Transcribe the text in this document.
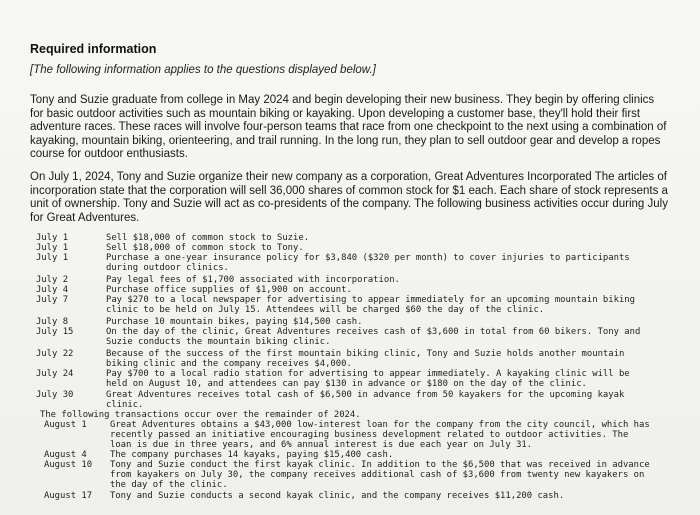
Required information
[The following information applies to the questions displayed below.]
Tony and Suzie graduate from college in May 2024 and begin developing their new business. They begin by offering clinics for basic outdoor activities such as mountain biking or kayaking. Upon developing a customer base, they'll hold their first adventure races. These races will involve four-person teams that race from one checkpoint to the next using a combination of kayaking, mountain biking, orienteering, and trail running. In the long run, they plan to sell outdoor gear and develop a ropes course for outdoor enthusiasts.
On July 1, 2024, Tony and Suzie organize their new company as a corporation, Great Adventures Incorporated The articles of incorporation state that the corporation will sell 36,000 shares of common stock for $1 each. Each share of stock represents a unit of ownership. Tony and Suzie will act as co-presidents of the company. The following business activities occur during July for Great Adventures.
July 1	Sell $18,000 of common stock to Suzie.
July 1	Sell $18,000 of common stock to Tony.
July 1	Purchase a one-year insurance policy for $3,840 ($320 per month) to cover injuries to participants during outdoor clinics.
July 2	Pay legal fees of $1,700 associated with incorporation.
July 4	Purchase office supplies of $1,900 on account.
July 7	Pay $270 to a local newspaper for advertising to appear immediately for an upcoming mountain biking clinic to be held on July 15. Attendees will be charged $60 the day of the clinic.
July 8	Purchase 10 mountain bikes, paying $14,500 cash.
July 15	On the day of the clinic, Great Adventures receives cash of $3,600 in total from 60 bikers. Tony and Suzie conducts the mountain biking clinic.
July 22	Because of the success of the first mountain biking clinic, Tony and Suzie holds another mountain biking clinic and the company receives $4,000.
July 24	Pay $700 to a local radio station for advertising to appear immediately. A kayaking clinic will be held on August 10, and attendees can pay $130 in advance or $180 on the day of the clinic.
July 30	Great Adventures receives total cash of $6,500 in advance from 50 kayakers for the upcoming kayak clinic.
The following transactions occur over the remainder of 2024.
August 1	Great Adventures obtains a $43,000 low-interest loan for the company from the city council, which has recently passed an initiative encouraging business development related to outdoor activities. The loan is due in three years, and 6% annual interest is due each year on July 31.
August 4	The company purchases 14 kayaks, paying $15,400 cash.
August 10 Tony and Suzie conduct the first kayak clinic. In addition to the $6,500 that was received in advance from kayakers on July 30, the company receives additional cash of $3,600 from twenty new kayakers on the day of the clinic.
August 17 Tony and Suzie conducts a second kayak clinic, and the company receives $11,200 cash.
